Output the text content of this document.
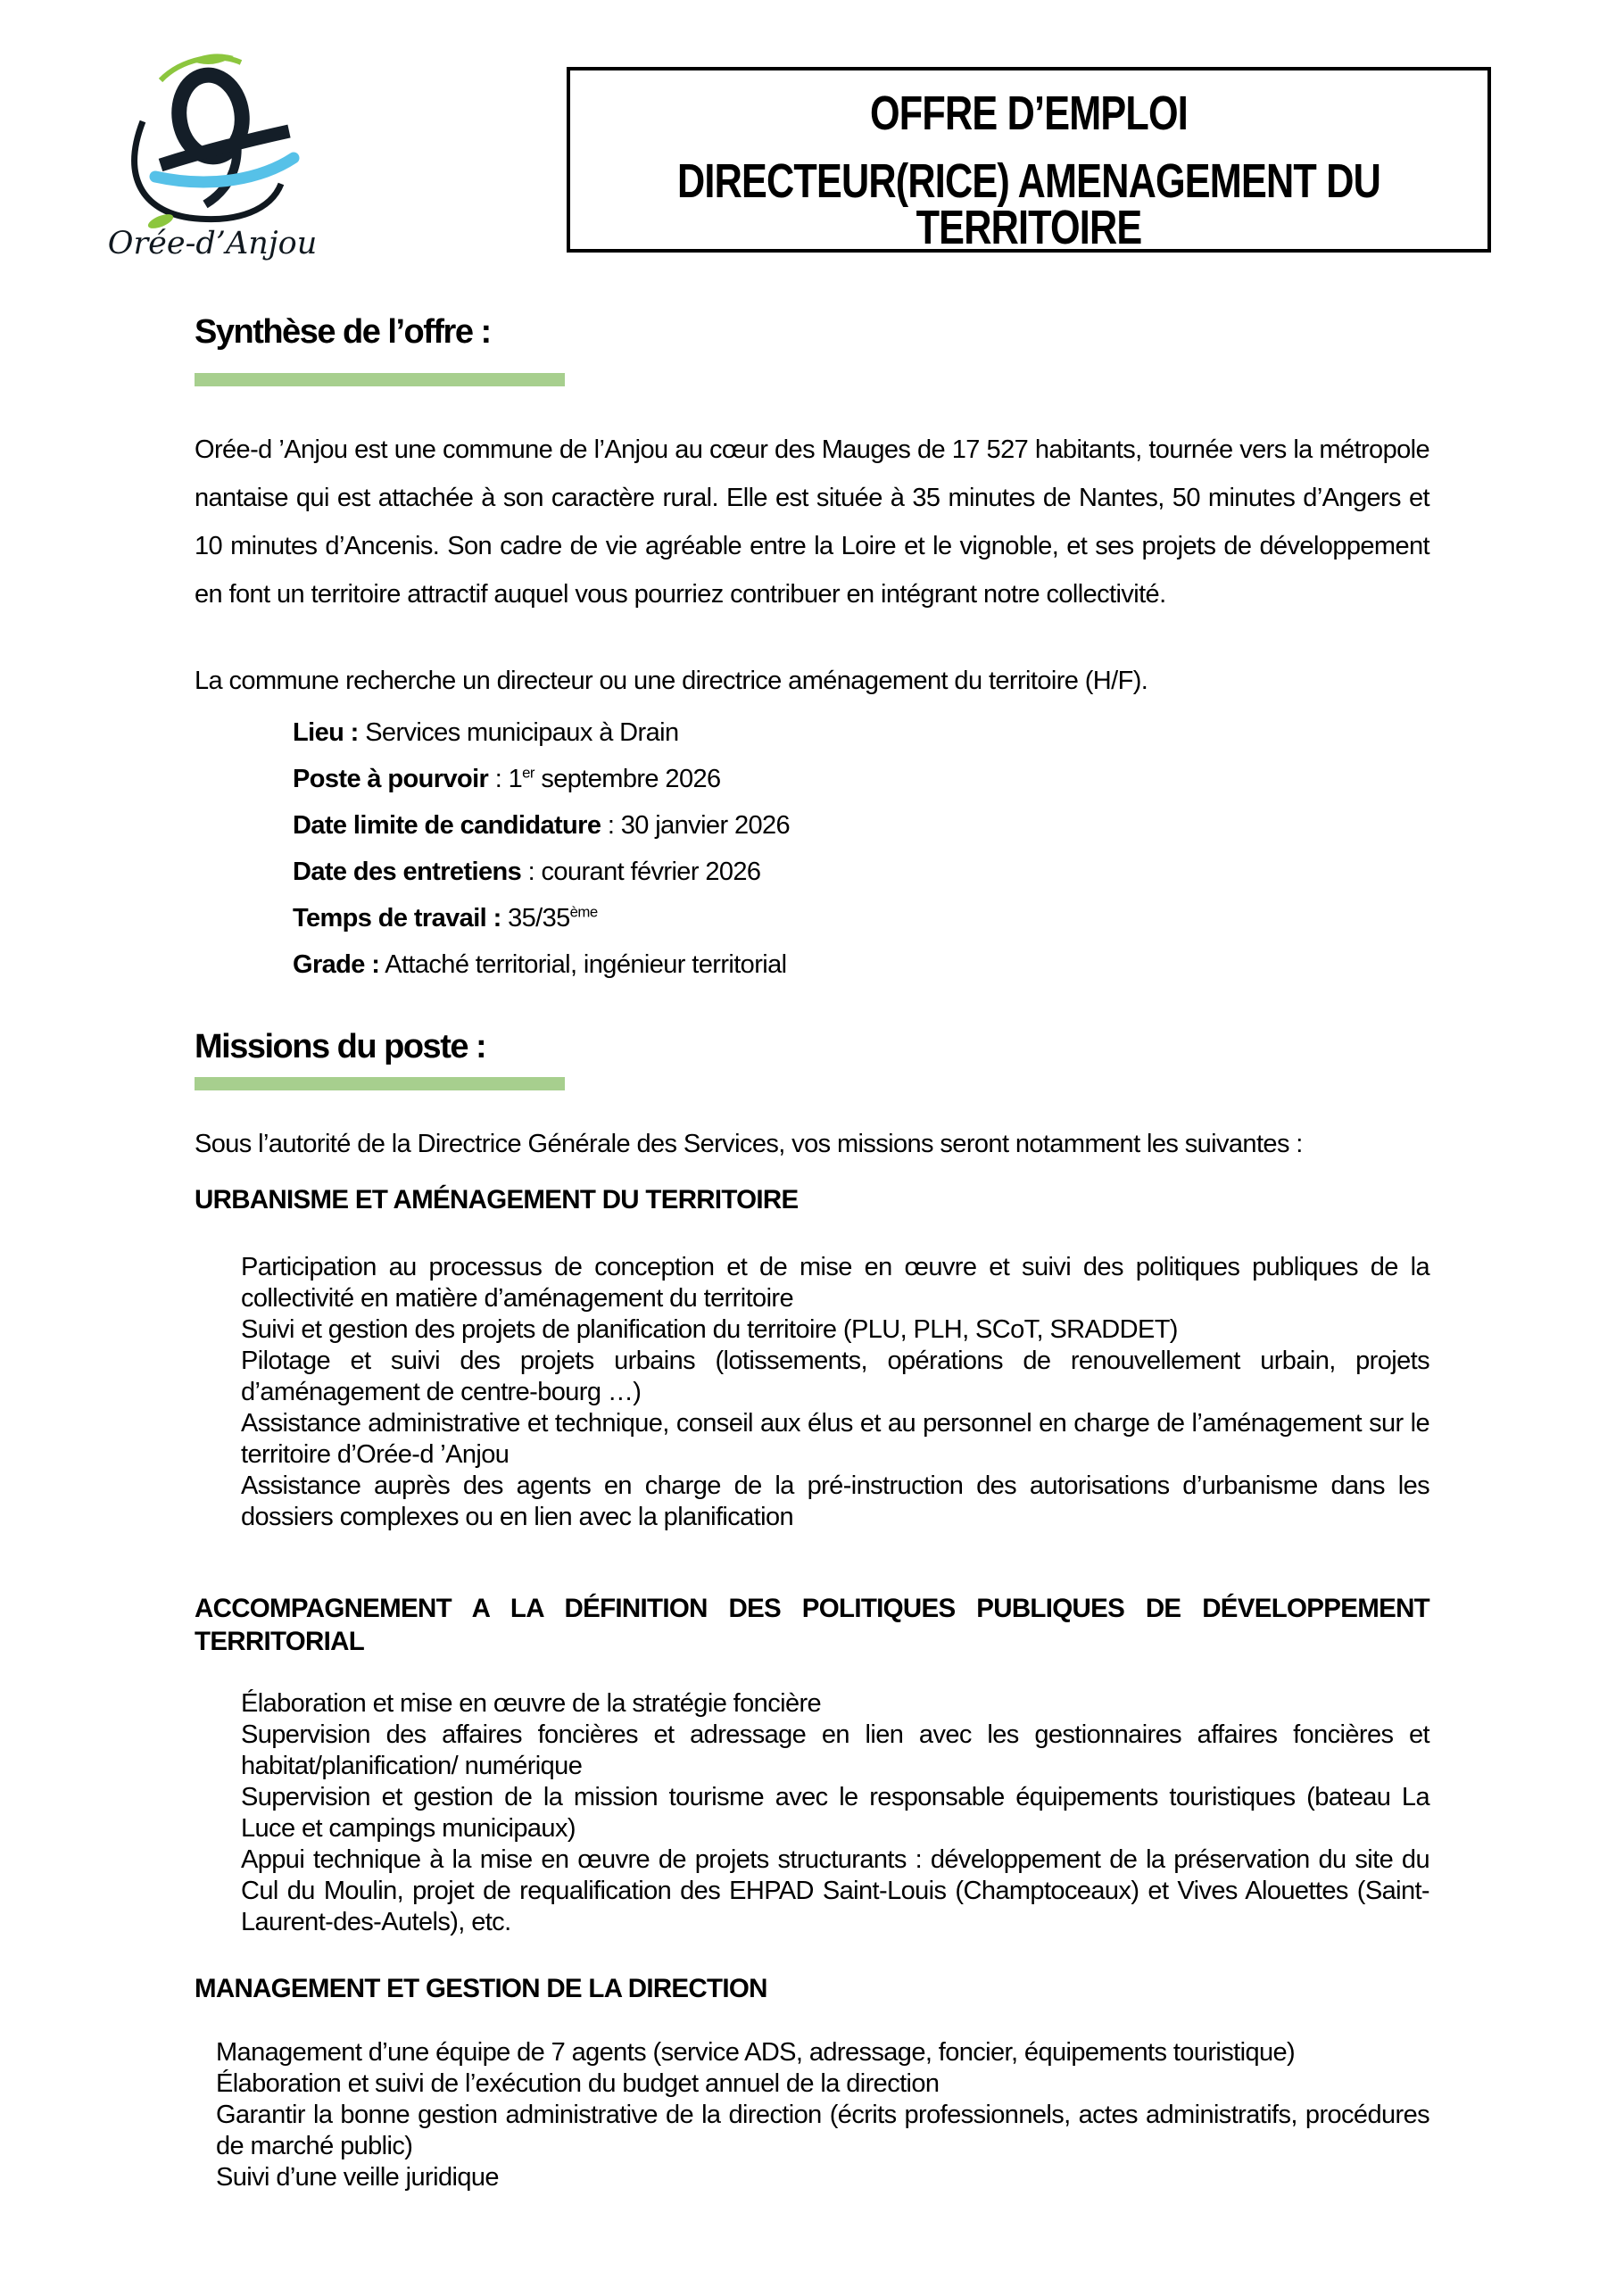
Orée-d’Anjou
OFFRE D’EMPLOI
DIRECTEUR(RICE) AMENAGEMENT DU
TERRITOIRE
Synthèse de l’offre :

Orée-d ’Anjou est une commune de l’Anjou au cœur des Mauges de 17 527 habitants, tournée vers la métropole nantaise qui est attachée à son caractère rural. Elle est située à 35 minutes de Nantes, 50 minutes d’Angers et 10 minutes d’Ancenis. Son cadre de vie agréable entre la Loire et le vignoble, et ses projets de développement en font un territoire attractif auquel vous pourriez contribuer en intégrant notre collectivité.

La commune recherche un directeur ou une directrice aménagement du territoire (H/F).

Lieu : Services municipaux à Drain
Poste à pourvoir : 1er septembre 2026
Date limite de candidature : 30 janvier 2026
Date des entretiens : courant février 2026
Temps de travail : 35/35ème
Grade : Attaché territorial, ingénieur territorial
Missions du poste :

Sous l’autorité de la Directrice Générale des Services, vos missions seront notamment les suivantes :

URBANISME ET AMÉNAGEMENT DU TERRITOIRE
Participation au processus de conception et de mise en œuvre et suivi des politiques publiques de la collectivité en matière d’aménagement du territoire
Suivi et gestion des projets de planification du territoire (PLU, PLH, SCoT, SRADDET)
Pilotage et suivi des projets urbains (lotissements, opérations de renouvellement urbain, projets d’aménagement de centre-bourg …)
Assistance administrative et technique, conseil aux élus et au personnel en charge de l’aménagement sur le territoire d’Orée-d ’Anjou
Assistance auprès des agents en charge de la pré-instruction des autorisations d’urbanisme dans les dossiers complexes ou en lien avec la planification
ACCOMPAGNEMENT A LA DÉFINITION DES POLITIQUES PUBLIQUES DE DÉVELOPPEMENT TERRITORIAL
Élaboration et mise en œuvre de la stratégie foncière
Supervision des affaires foncières et adressage en lien avec les gestionnaires affaires foncières et habitat/planification/ numérique
Supervision et gestion de la mission tourisme avec le responsable équipements touristiques (bateau La Luce et campings municipaux)
Appui technique à la mise en œuvre de projets structurants : développement de la préservation du site du Cul du Moulin, projet de requalification des EHPAD Saint-Louis (Champtoceaux) et Vives Alouettes (Saint-Laurent-des-Autels), etc.
MANAGEMENT ET GESTION DE LA DIRECTION
Management d’une équipe de 7 agents (service ADS, adressage, foncier, équipements touristique)
Élaboration et suivi de l’exécution du budget annuel de la direction
Garantir la bonne gestion administrative de la direction (écrits professionnels, actes administratifs, procédures de marché public)
Suivi d’une veille juridique
